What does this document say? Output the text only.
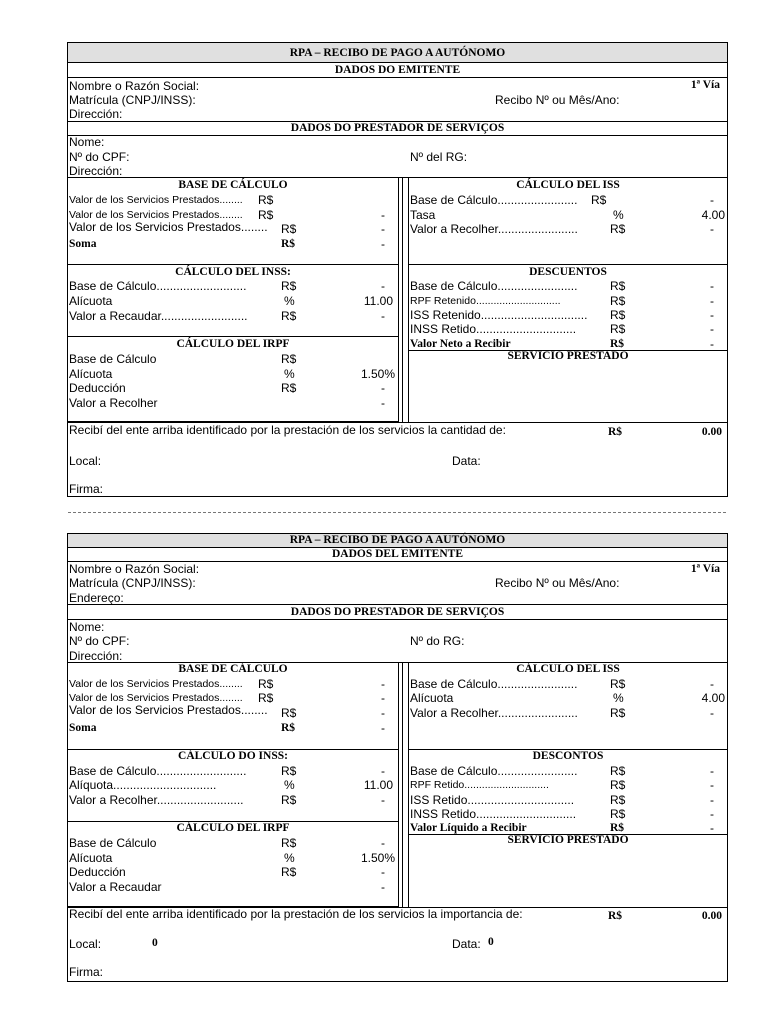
RPA – RECIBO DE PAGO A AUTÓNOMO
DADOS DO EMITENTE
Nombre o Razón Social:	1ª Vía
Matrícula (CNPJ/INSS):	Recibo Nº ou Mês/Ano:
Dirección:
DADOS DO PRESTADOR DE SERVIÇOS
Nome:
Nº do CPF:	Nº del RG:
Dirección:
BASE DE CÁLCULO
Valor de los Servicios Prestados........ R$
Valor de los Servicios Prestados........ R$	-
Valor de los Servicios Prestados........ R$	-
Soma	R$	-
CÁLCULO DEL INSS:
Base de Cálculo...........................	R$	-
Alícuota	%	11.00
Valor a Recaudar..........................	R$	-
CÁLCULO DEL IRPF
Base de Cálculo	R$
Alícuota	%	1.50%
Deducción	R$	-
Valor a Recolher	-
CÁLCULO DEL ISS
Base de Cálculo........................ R$	-
Tasa	%	4.00
Valor a Recolher........................	R$	-
DESCUENTOS
Base de Cálculo........................	R$	-
RPF Retenido.............................	R$	-
ISS Retenido................................ R$	-
INSS Retido..............................	R$	-
Valor Neto a Recibir	R$	-
SERVICIO PRESTADO
Recibí del ente arriba identificado por la prestación de los servicios la cantidad de:	R$	0.00
Local:	Data:
Firma:
RPA – RECIBO DE PAGO A AUTÓNOMO
DADOS DEL EMITENTE
Nombre o Razón Social:	1ª Vía
Matrícula (CNPJ/INSS):	Recibo Nº ou Mês/Ano:
Endereço:
DADOS DO PRESTADOR DE SERVIÇOS
Nome:
Nº do CPF:	Nº do RG:
Dirección:
BASE DE CÁLCULO
Valor de los Servicios Prestados........ R$	-
Valor de los Servicios Prestados........ R$	-
Valor de los Servicios Prestados........ R$	-
Soma	R$	-
CÁLCULO DO INSS:
Base de Cálculo...........................	R$	-
Alíquota...............................	%	11.00
Valor a Recolher..........................	R$	-
CÁLCULO DEL IRPF
Base de Cálculo	R$	-
Alícuota	%	1.50%
Deducción	R$	-
Valor a Recaudar	-
CÁLCULO DEL ISS
Base de Cálculo........................	R$	-
Alícuota	%	4.00
Valor a Recolher........................	R$	-
DESCONTOS
Base de Cálculo........................	R$	-
RPF Retido.............................	R$	-
ISS Retido................................	R$	-
INSS Retido..............................	R$	-
Valor Líquido a Recibir	R$	-
SERVICIO PRESTADO
Recibí del ente arriba identificado por la prestación de los servicios la importancia de:	R$	0.00
Local:	0	Data: 0
Firma:
